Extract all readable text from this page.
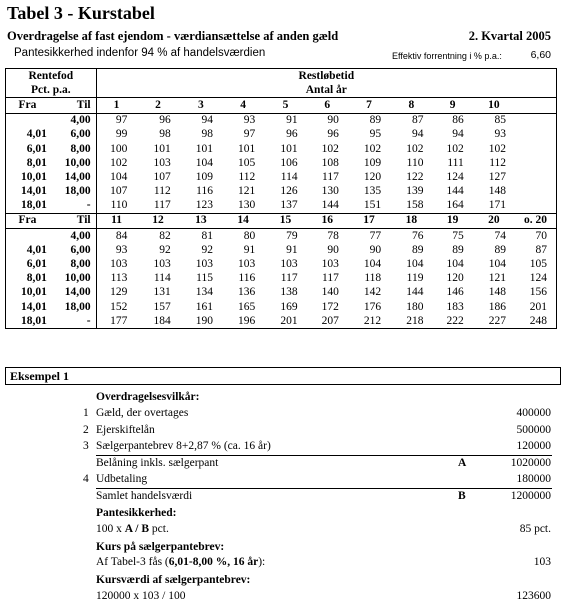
Tabel 3 - Kurstabel
Overdragelse af fast ejendom - værdiansættelse af anden gæld	2. Kvartal 2005
Pantesikkerhed indenfor 94 % af handelsværdien	Effektiv forrentning i % p.a.:	6,60
Rentefod		Restløbetid										
Pct. p.a.		Antal år										
Fra	Til	1	2	3	4	5	6	7	8	9	10	
	4,00	97	96	94	93	91	90	89	87	86	85	
4,01	6,00	99	98	98	97	96	96	95	94	94	93	
6,01	8,00	100	101	101	101	101	102	102	102	102	102	
8,01	10,00	102	103	104	105	106	108	109	110	111	112	
10,01	14,00	104	107	109	112	114	117	120	122	124	127	
14,01	18,00	107	112	116	121	126	130	135	139	144	148	
18,01	-	110	117	123	130	137	144	151	158	164	171	
Fra	Til	11	12	13	14	15	16	17	18	19	20	o. 20
	4,00	84	82	81	80	79	78	77	76	75	74	70
4,01	6,00	93	92	92	91	91	90	90	89	89	89	87
6,01	8,00	103	103	103	103	103	103	104	104	104	104	105
8,01	10,00	113	114	115	116	117	117	118	119	120	121	124
10,01	14,00	129	131	134	136	138	140	142	144	146	148	156
14,01	18,00	152	157	161	165	169	172	176	180	183	186	201
18,01	-	177	184	190	196	201	207	212	218	222	227	248
Eksempel 1
Overdragelsesvilkår:
1 Gæld, der overtages	400000
2 Ejerskiftelån	500000
3 Sælgerpantebrev 8+2,87 % (ca. 16 år)	120000
Belåning inkls. sælgerpant	A	1020000
4 Udbetaling	180000
Samlet handelsværdi	B	1200000
Pantesikkerhed:
100 x A / B pct.	85 pct.
Kurs på sælgerpantebrev:
Af Tabel-3 fås (6,01-8,00 %, 16 år):	103
Kursværdi af sælgerpantebrev:
120000 x 103 / 100	123600
